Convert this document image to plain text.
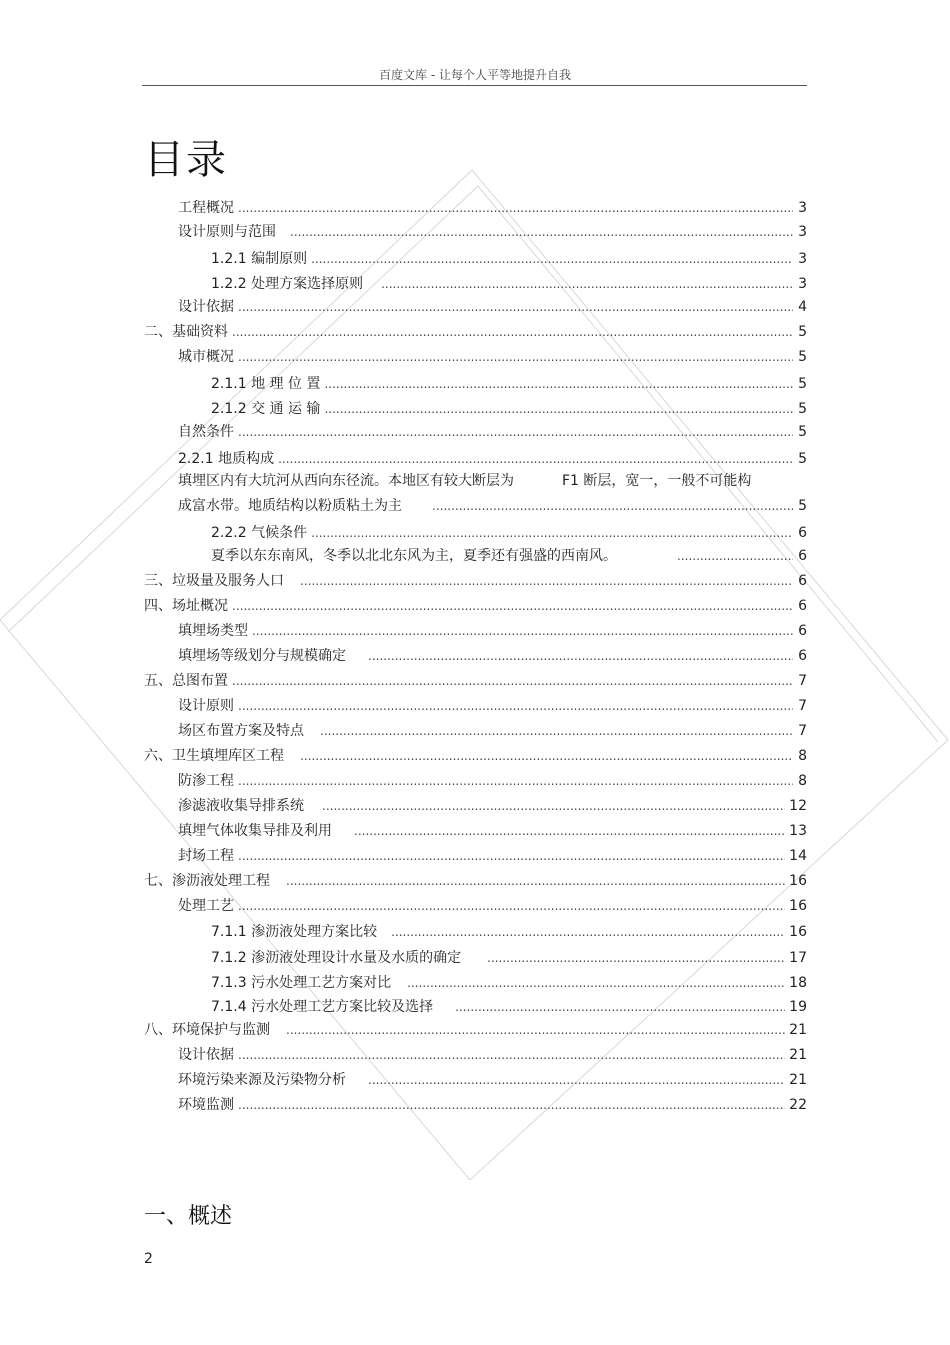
百度文库 - 让每个人平等地提升自我
目录
工程概况 .....	3
设计原则与范围 .....	3
1.2.1 编制原则 .....	3
1.2.2 处理方案选择原则 .....	3
设计依据 .....	4
二、基础资料 .....	5
城市概况 .....	5
2.1.1 地 理 位 置 .....	5
2.1.2 交 通 运 输 .....	5
自然条件 .....	5
2.2.1 地质构成 .....	5
填埋区内有大坑河从西向东径流。本地区有较大断层为	F1 断层，宽一，一般不可能构
成富水带。地质结构以粉质粘土为主 .....	5
2.2.2 气候条件 .....	6
夏季以东东南风，冬季以北北东风为主，夏季还有强盛的西南风。 .....	6
三、垃圾量及服务人口 .....	6
四、场址概况 .....	6
填埋场类型 .....	6
填埋场等级划分与规模确定 .....	6
五、总图布置 .....	7
设计原则 .....	7
场区布置方案及特点 .....	7
六、卫生填埋库区工程 .....	8
防渗工程 .....	8
渗滤液收集导排系统 .....	12
填埋气体收集导排及利用 .....	13
封场工程 .....	14
七、渗沥液处理工程 .....	16
处理工艺 .....	16
7.1.1 渗沥液处理方案比较 .....	16
7.1.2 渗沥液处理设计水量及水质的确定 .....	17
7.1.3 污水处理工艺方案对比 .....	18
7.1.4 污水处理工艺方案比较及选择 .....	19
八、环境保护与监测 .....	21
设计依据 .....	21
环境污染来源及污染物分析 .....	21
环境监测 .....	22
一、概述
2
